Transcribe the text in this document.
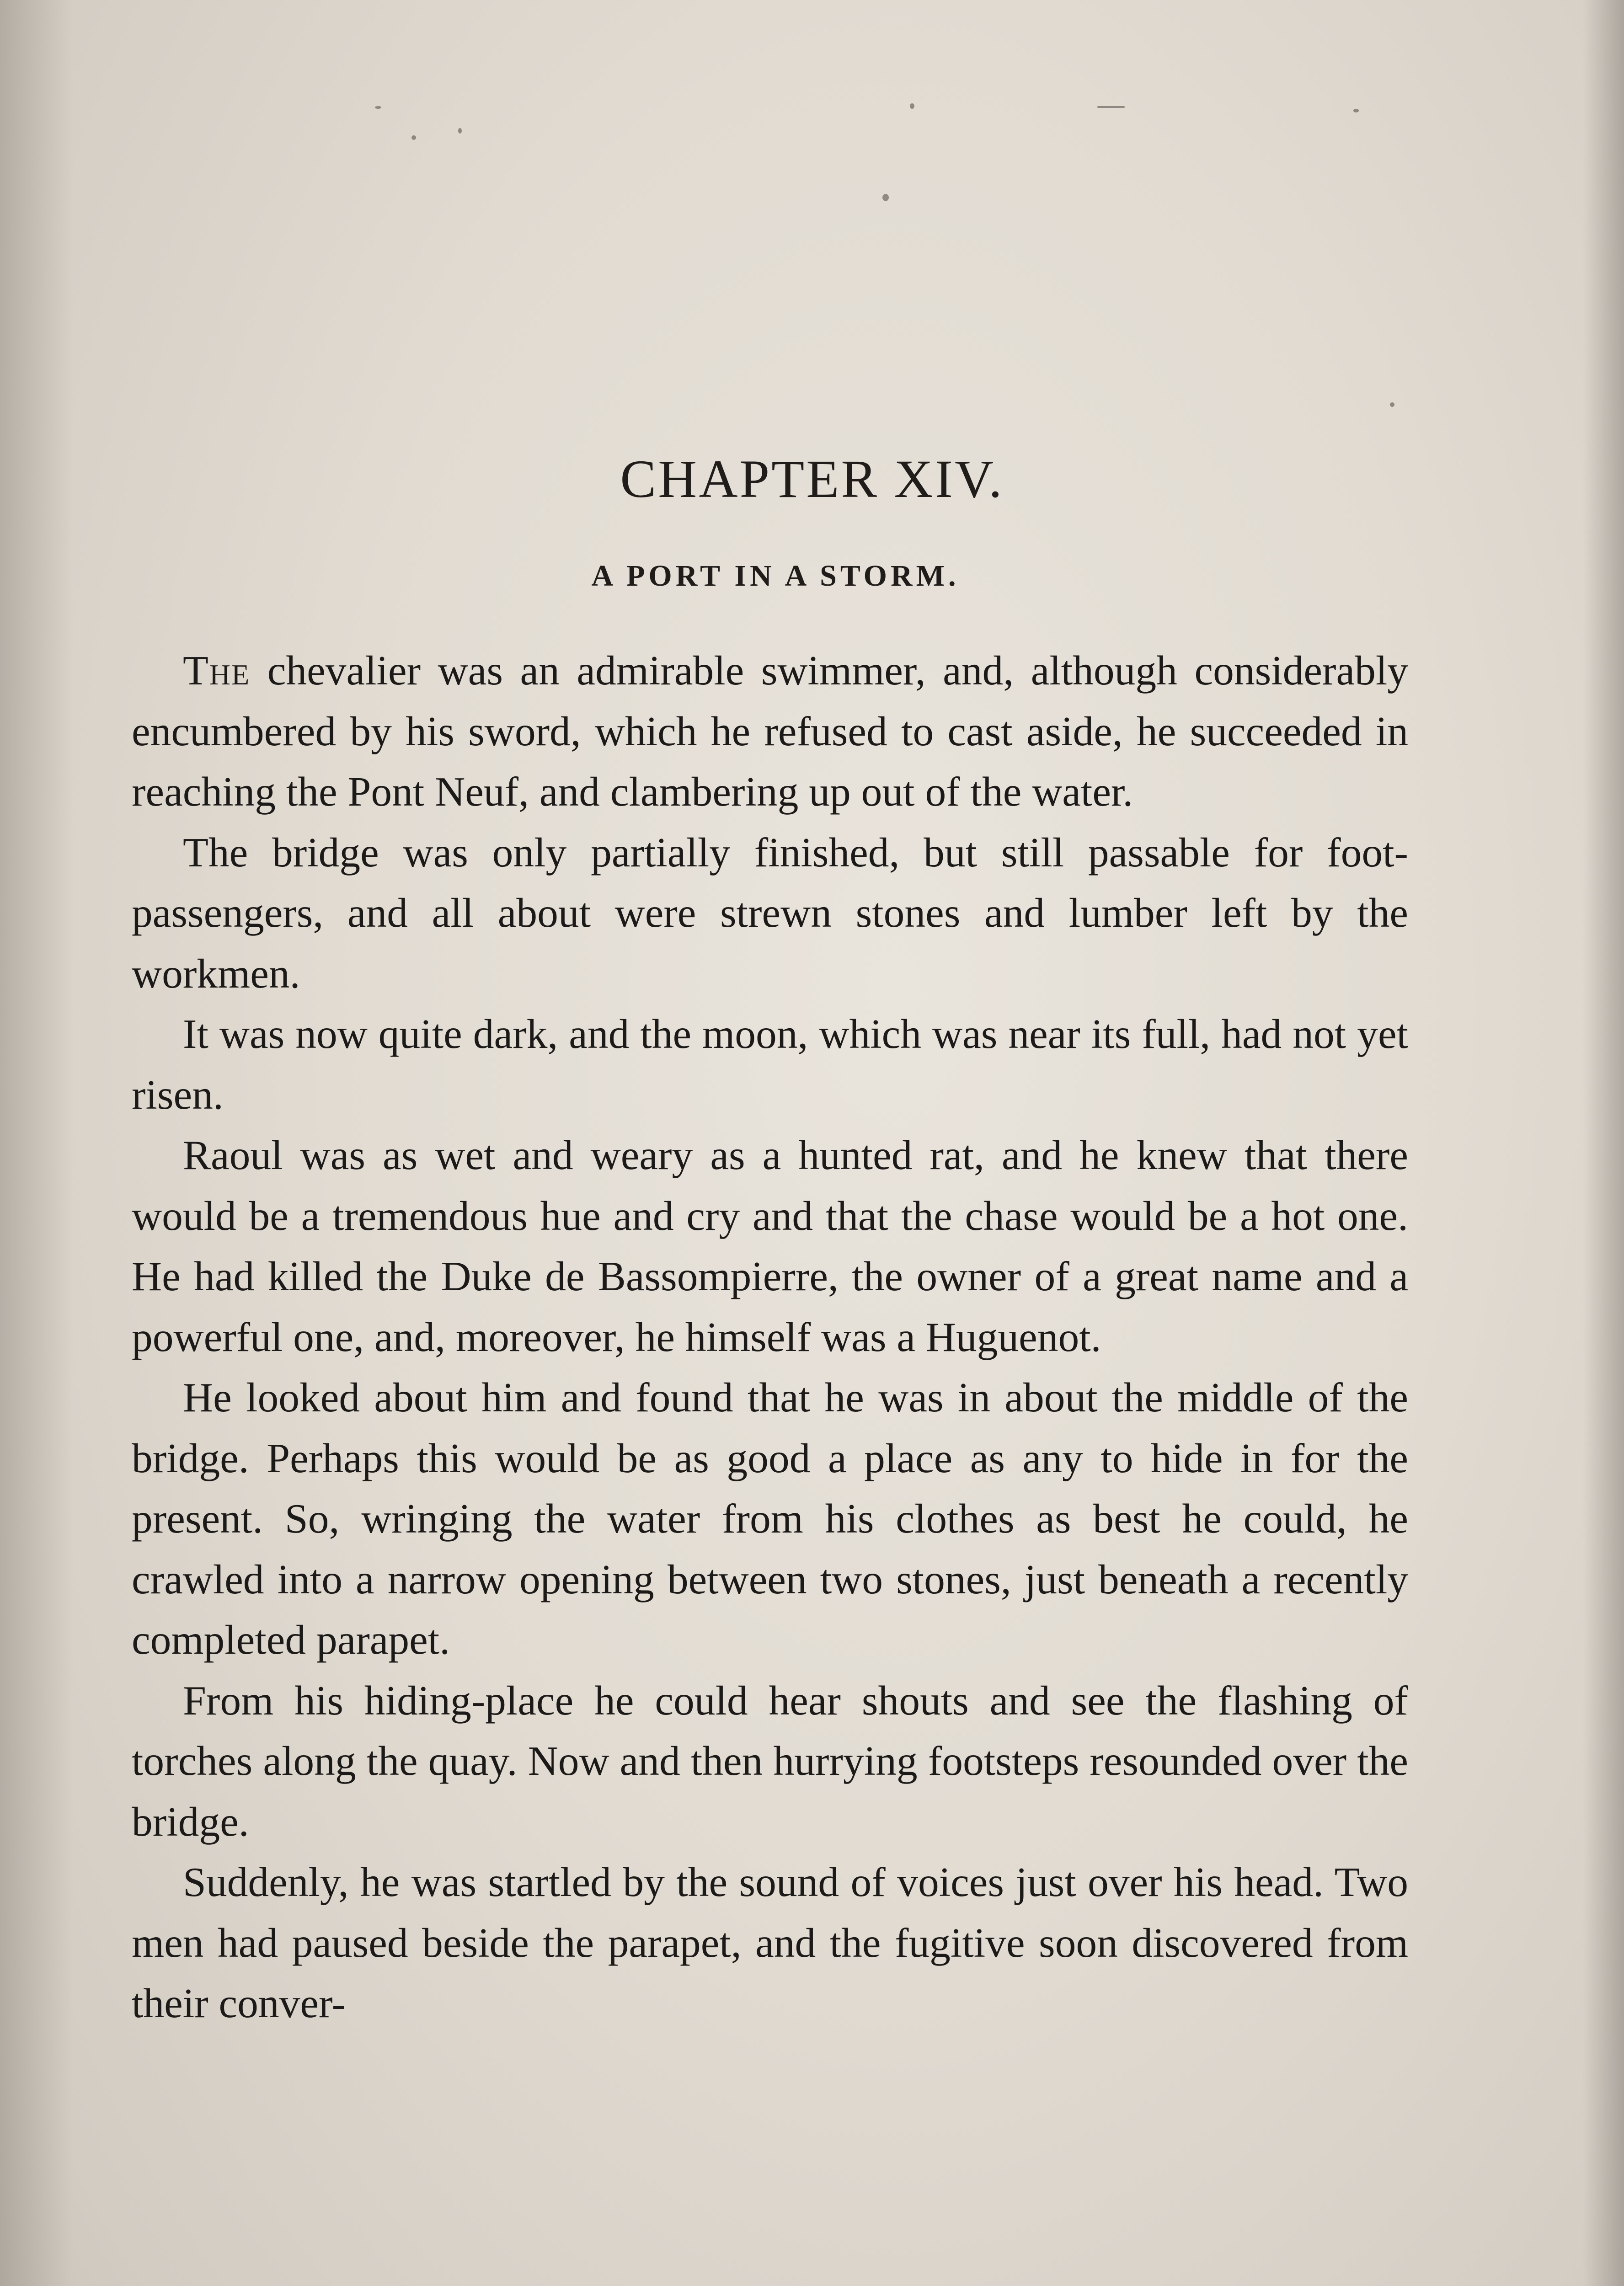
CHAPTER XIV.
A PORT IN A STORM.

The chevalier was an admirable swimmer, and, although considerably encumbered by his sword, which he refused to cast aside, he succeeded in reaching the Pont Neuf, and clambering up out of the water.

The bridge was only partially finished, but still passable for foot-passengers, and all about were strewn stones and lumber left by the workmen.

It was now quite dark, and the moon, which was near its full, had not yet risen.

Raoul was as wet and weary as a hunted rat, and he knew that there would be a tremendous hue and cry and that the chase would be a hot one. He had killed the Duke de Bassompierre, the owner of a great name and a powerful one, and, moreover, he himself was a Huguenot.

He looked about him and found that he was in about the middle of the bridge. Perhaps this would be as good a place as any to hide in for the present. So, wringing the water from his clothes as best he could, he crawled into a narrow opening between two stones, just beneath a recently completed parapet.

From his hiding-place he could hear shouts and see the flashing of torches along the quay. Now and then hurrying footsteps resounded over the bridge.

Suddenly, he was startled by the sound of voices just over his head. Two men had paused beside the parapet, and the fugitive soon discovered from their conver-
